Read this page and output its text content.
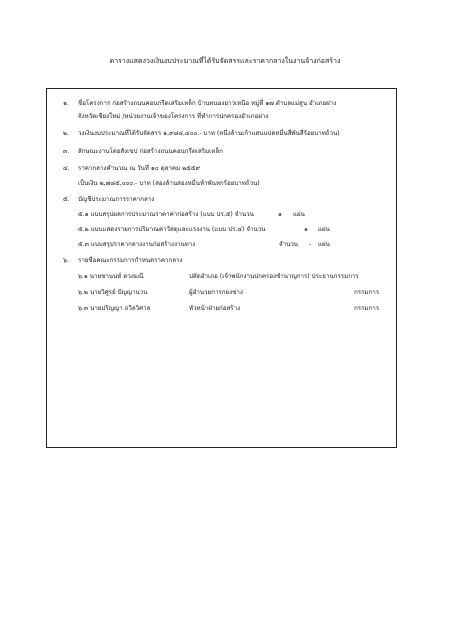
ตารางแสดงวงเงินงบประมาณที่ได้รับจัดสรรและราคากลางในงานจ้างก่อสร้าง
๑. ชื่อโครงการ ก่อสร้างถนนคอนกรีตเสริมเหล็ก บ้านหนองยาวเหนือ หมู่ที่ ๑๗ ตำบลแม่สูน อำเภอฝาง
จังหวัดเชียงใหม่ /หน่วยงานเจ้าของโครงการ ที่ทำการปกครองอำเภอฝาง
๒. วงเงินงบประมาณที่ได้รับจัดสรร ๑,๙๘๔,๔๐๐.- บาท (หนึ่งล้านเก้าแสนแปดหมื่นสี่พันสี่ร้อยบาทถ้วน)
๓. ลักษณะงานโดยสังเขป ก่อสร้างถนนคอนกรีตเสริมเหล็ก
๔. ราคากลางคำนวณ ณ วันที่ ๑๐ ตุลาคม ๒๕๕๙
เป็นเงิน ๒,๗๘๕,๐๐๐.- บาท (สองล้านสองหมื่นห้าพันหกร้อยบาทถ้วน)
๕. บัญชีประมาณการราคากลาง
๕.๑ แบบสรุปผลการประมาณราคาค่าก่อสร้าง (แบบ ปร.๕) จำนวน	๑ แผ่น
๕.๒ แบบแสดงรายการปริมาณค่าวัสดุและแรงงาน (แบบ ปร.๔) จำนวน	๑ แผ่น
๕.๓ แบบสรุปราคากลางงานก่อสร้างงานทาง	จำนวน - แผ่น
๖. รายชื่อคณะกรรมการกำหนดราคากลาง
๖.๑ นายชานนท์ ดวงมณี	ปลัดอำเภอ (เจ้าพนักงานปกครองชำนาญการ) ประธานกรรมการ
๖.๒ นายวิศูรย์ ปัญญานวน	ผู้อำนวยการกองช่าง	กรรมการ
๖.๓ นายปริญญา ถวิลวิศาล	หัวหน้าฝ่ายก่อสร้าง	กรรมการ
